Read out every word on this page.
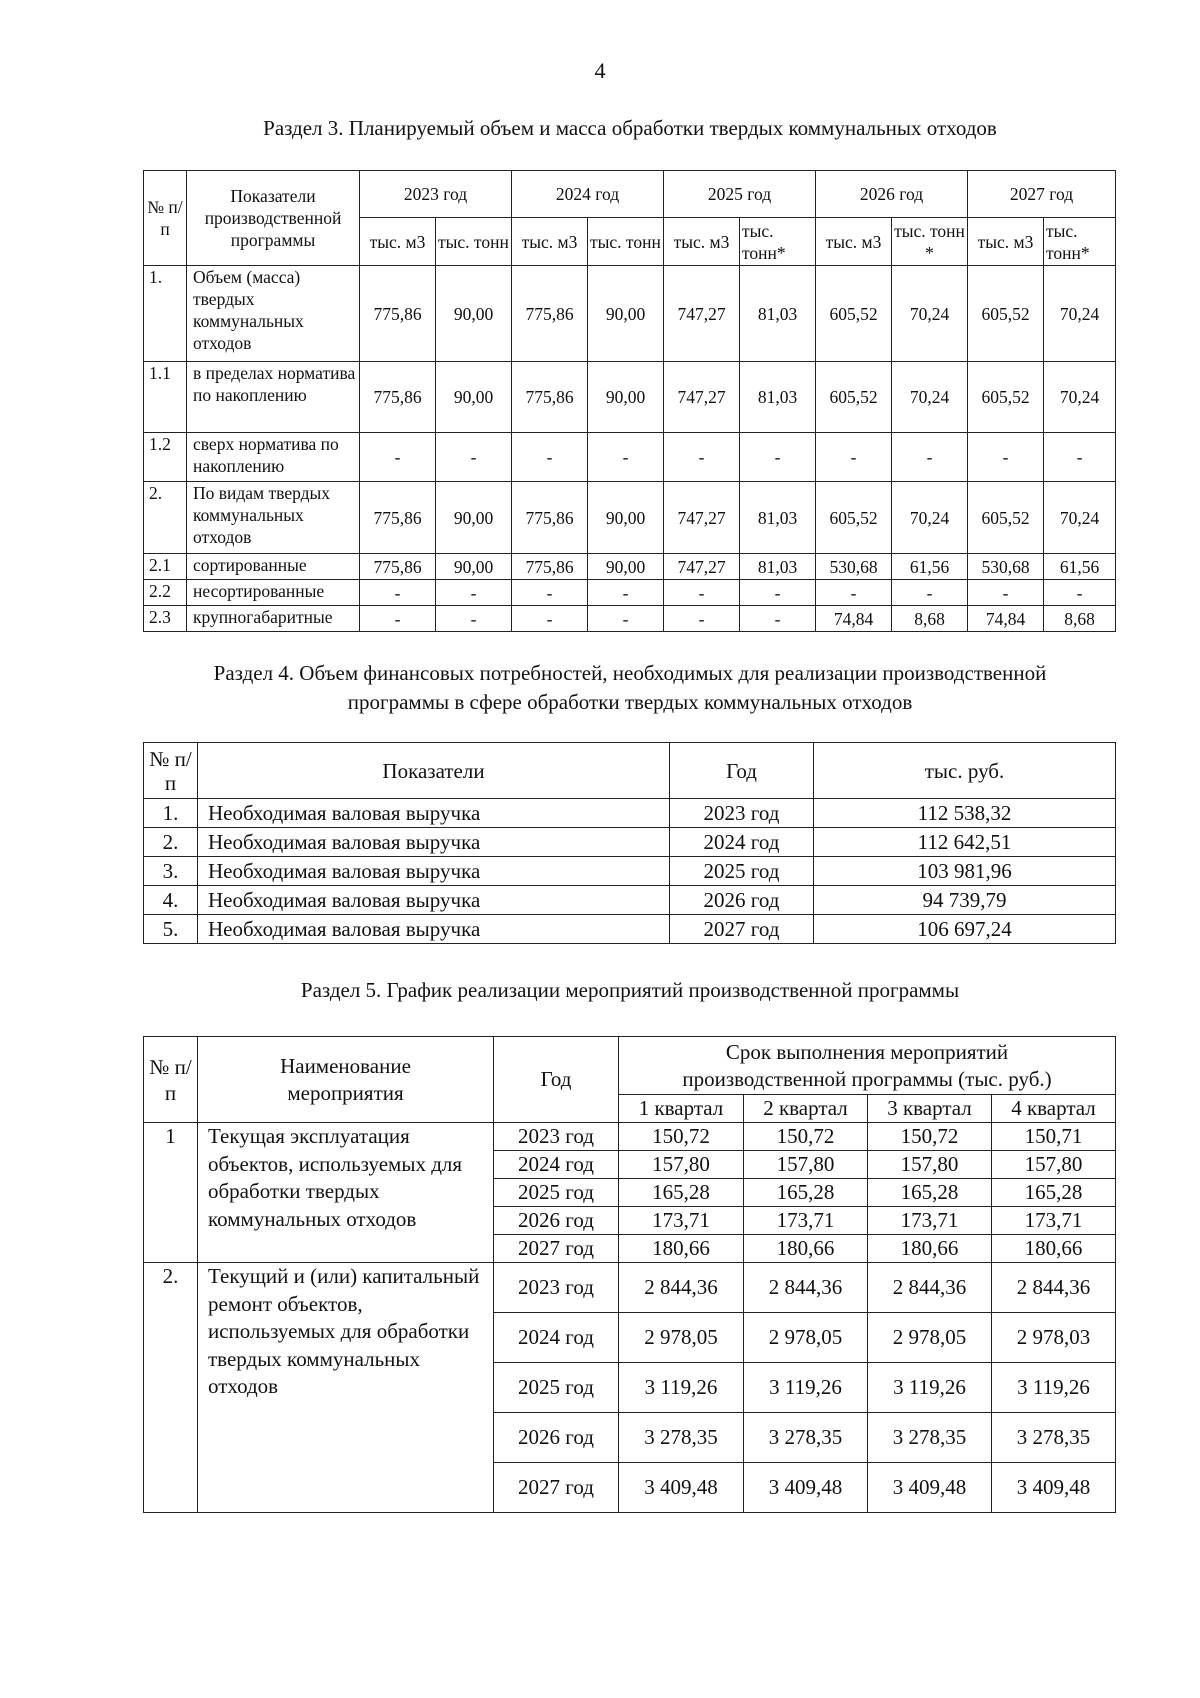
4
Раздел 3. Планируемый объем и масса обработки твердых коммунальных отходов
№ п/п	Показатели производственной программы	2023 год		2024 год		2025 год		2026 год		2027 год	
		тыс. м3	тыс. тонн	тыс. м3	тыс. тонн	тыс. м3	тыс. тонн*	тыс. м3	тыс. тонн *	тыс. м3	тыс. тонн*
1.	Объем (масса) твердых коммунальных отходов	775,86	90,00	775,86	90,00	747,27	81,03	605,52	70,24	605,52	70,24
1.1	в пределах норматива по накоплению	775,86	90,00	775,86	90,00	747,27	81,03	605,52	70,24	605,52	70,24
1.2	сверх норматива по накоплению	-	-	-	-	-	-	-	-	-	-
2.	По видам твердых коммунальных отходов	775,86	90,00	775,86	90,00	747,27	81,03	605,52	70,24	605,52	70,24
2.1	сортированные	775,86	90,00	775,86	90,00	747,27	81,03	530,68	61,56	530,68	61,56
2.2	несортированные	-	-	-	-	-	-	-	-	-	-
2.3	крупногабаритные	-	-	-	-	-	-	74,84	8,68	74,84	8,68
Раздел 4. Объем финансовых потребностей, необходимых для реализации производственной
программы в сфере обработки твердых коммунальных отходов
№ п/п	Показатели	Год	тыс. руб.
1.	Необходимая валовая выручка	2023 год	112 538,32
2.	Необходимая валовая выручка	2024 год	112 642,51
3.	Необходимая валовая выручка	2025 год	103 981,96
4.	Необходимая валовая выручка	2026 год	94 739,79
5.	Необходимая валовая выручка	2027 год	106 697,24
Раздел 5. График реализации мероприятий производственной программы
№ п/п	Наименование мероприятия	Год	Срок выполнения мероприятий производственной программы (тыс. руб.)			
			1 квартал	2 квартал	3 квартал	4 квартал
1	Текущая эксплуатация объектов, используемых для обработки твердых коммунальных отходов	2023 год	150,72	150,72	150,72	150,71
		2024 год	157,80	157,80	157,80	157,80
		2025 год	165,28	165,28	165,28	165,28
		2026 год	173,71	173,71	173,71	173,71
		2027 год	180,66	180,66	180,66	180,66
2.	Текущий и (или) капитальный ремонт объектов, используемых для обработки твердых коммунальных отходов	2023 год	2 844,36	2 844,36	2 844,36	2 844,36
		2024 год	2 978,05	2 978,05	2 978,05	2 978,03
		2025 год	3 119,26	3 119,26	3 119,26	3 119,26
		2026 год	3 278,35	3 278,35	3 278,35	3 278,35
		2027 год	3 409,48	3 409,48	3 409,48	3 409,48
